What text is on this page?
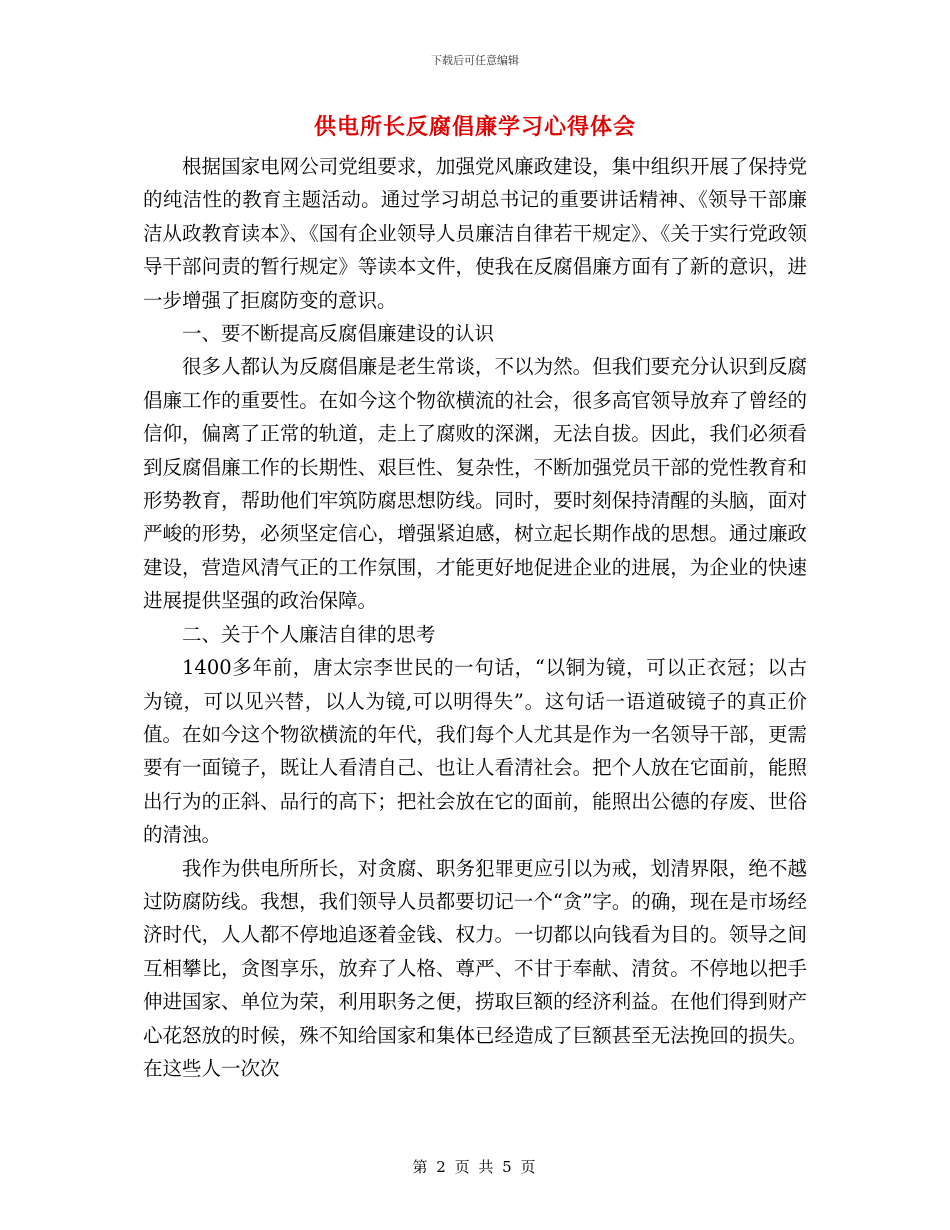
下载后可任意编辑
供电所长反腐倡廉学习心得体会

根据国家电网公司党组要求，加强党风廉政建设，集中组织开展了保持党的纯洁性的教育主题活动。通过学习胡总书记的重要讲话精神、《领导干部廉洁从政教育读本》、《国有企业领导人员廉洁自律若干规定》、《关于实行党政领导干部问责的暂行规定》等读本文件，使我在反腐倡廉方面有了新的意识，进一步增强了拒腐防变的意识。

一、要不断提高反腐倡廉建设的认识

很多人都认为反腐倡廉是老生常谈，不以为然。但我们要充分认识到反腐倡廉工作的重要性。在如今这个物欲横流的社会，很多高官领导放弃了曾经的信仰，偏离了正常的轨道，走上了腐败的深渊，无法自拔。因此，我们必须看到反腐倡廉工作的长期性、艰巨性、复杂性，不断加强党员干部的党性教育和形势教育，帮助他们牢筑防腐思想防线。同时，要时刻保持清醒的头脑，面对严峻的形势，必须坚定信心，增强紧迫感，树立起长期作战的思想。通过廉政建设，营造风清气正的工作氛围，才能更好地促进企业的进展，为企业的快速进展提供坚强的政治保障。

二、关于个人廉洁自律的思考

1400多年前，唐太宗李世民的一句话，“以铜为镜，可以正衣冠；以古为镜，可以见兴替，以人为镜,可以明得失”。这句话一语道破镜子的真正价值。在如今这个物欲横流的年代，我们每个人尤其是作为一名领导干部，更需要有一面镜子，既让人看清自己、也让人看清社会。把个人放在它面前，能照出行为的正斜、品行的高下；把社会放在它的面前，能照出公德的存废、世俗的清浊。

我作为供电所所长，对贪腐、职务犯罪更应引以为戒，划清界限，绝不越过防腐防线。我想，我们领导人员都要切记一个“贪”字。的确，现在是市场经济时代，人人都不停地追逐着金钱、权力。一切都以向钱看为目的。领导之间互相攀比，贪图享乐，放弃了人格、尊严、不甘于奉献、清贫。不停地以把手伸进国家、单位为荣，利用职务之便，捞取巨额的经济利益。在他们得到财产心花怒放的时候，殊不知给国家和集体已经造成了巨额甚至无法挽回的损失。在这些人一次次

第 2 页 共 5 页
